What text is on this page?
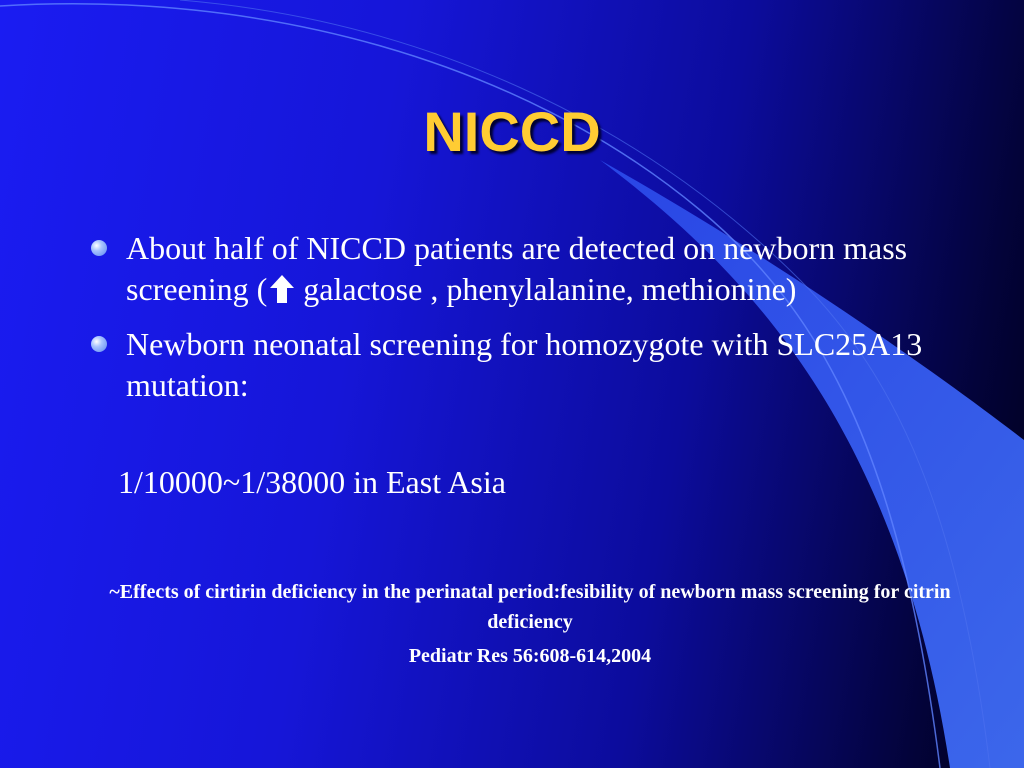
NICCD
About half of NICCD patients are detected on newborn mass screening ( galactose , phenylalanine, methionine)
Newborn neonatal screening for homozygote with SLC25A13 mutation:

1/10000~1/38000 in East Asia

~Effects of cirtirin deficiency in the perinatal period:fesibility of newborn mass screening for citrin deficiency

Pediatr Res 56:608-614,2004
